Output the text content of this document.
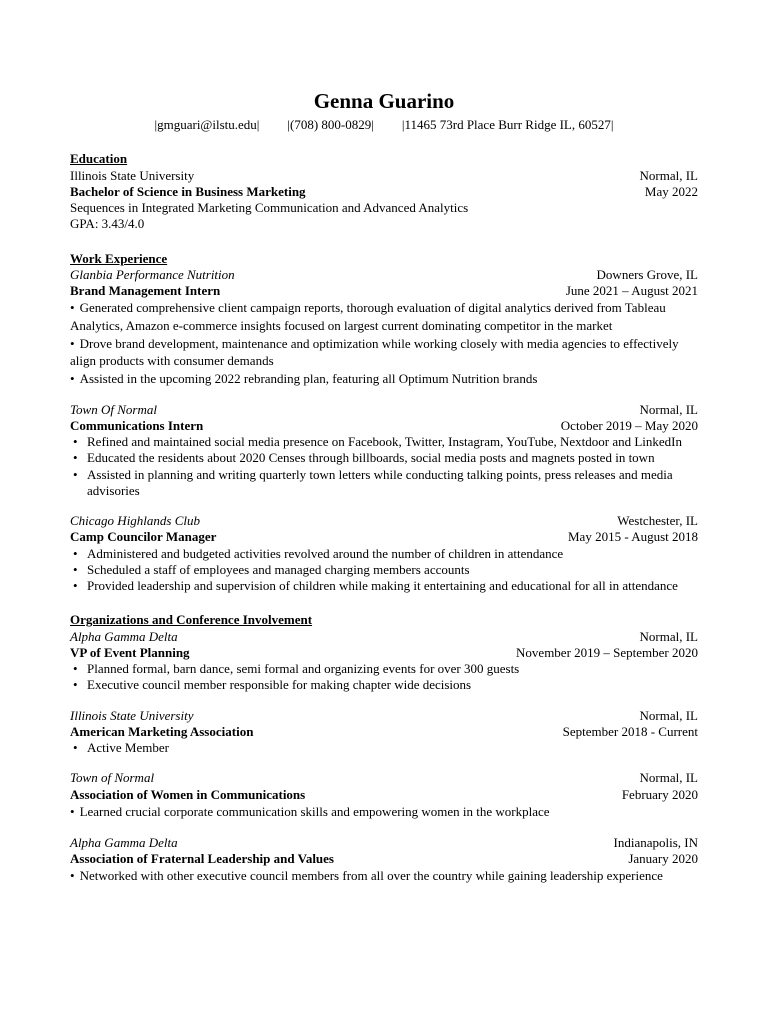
Genna Guarino
|gmguari@ilstu.edu| |(708) 800-0829| |11465 73rd Place Burr Ridge IL, 60527|
Education
Illinois State University	Normal, IL
Bachelor of Science in Business Marketing	May 2022
Sequences in Integrated Marketing Communication and Advanced Analytics
GPA: 3.43/4.0
Work Experience
Glanbia Performance Nutrition	Downers Grove, IL
Brand Management Intern	June 2021 – August 2021
• Generated comprehensive client campaign reports, thorough evaluation of digital analytics derived from Tableau Analytics, Amazon e-commerce insights focused on largest current dominating competitor in the market
• Drove brand development, maintenance and optimization while working closely with media agencies to effectively align products with consumer demands
• Assisted in the upcoming 2022 rebranding plan, featuring all Optimum Nutrition brands
Town Of Normal	Normal, IL
Communications Intern	October 2019 – May 2020
• Refined and maintained social media presence on Facebook, Twitter, Instagram, YouTube, Nextdoor and LinkedIn
• Educated the residents about 2020 Censes through billboards, social media posts and magnets posted in town
• Assisted in planning and writing quarterly town letters while conducting talking points, press releases and media advisories
Chicago Highlands Club	Westchester, IL
Camp Councilor Manager	May 2015 - August 2018
• Administered and budgeted activities revolved around the number of children in attendance
• Scheduled a staff of employees and managed charging members accounts
• Provided leadership and supervision of children while making it entertaining and educational for all in attendance
Organizations and Conference Involvement
Alpha Gamma Delta	Normal, IL
VP of Event Planning	November 2019 – September 2020
• Planned formal, barn dance, semi formal and organizing events for over 300 guests
• Executive council member responsible for making chapter wide decisions
Illinois State University	Normal, IL
American Marketing Association	September 2018 - Current
• Active Member
Town of Normal	Normal, IL
Association of Women in Communications	February 2020
• Learned crucial corporate communication skills and empowering women in the workplace
Alpha Gamma Delta	Indianapolis, IN
Association of Fraternal Leadership and Values	January 2020
• Networked with other executive council members from all over the country while gaining leadership experience
